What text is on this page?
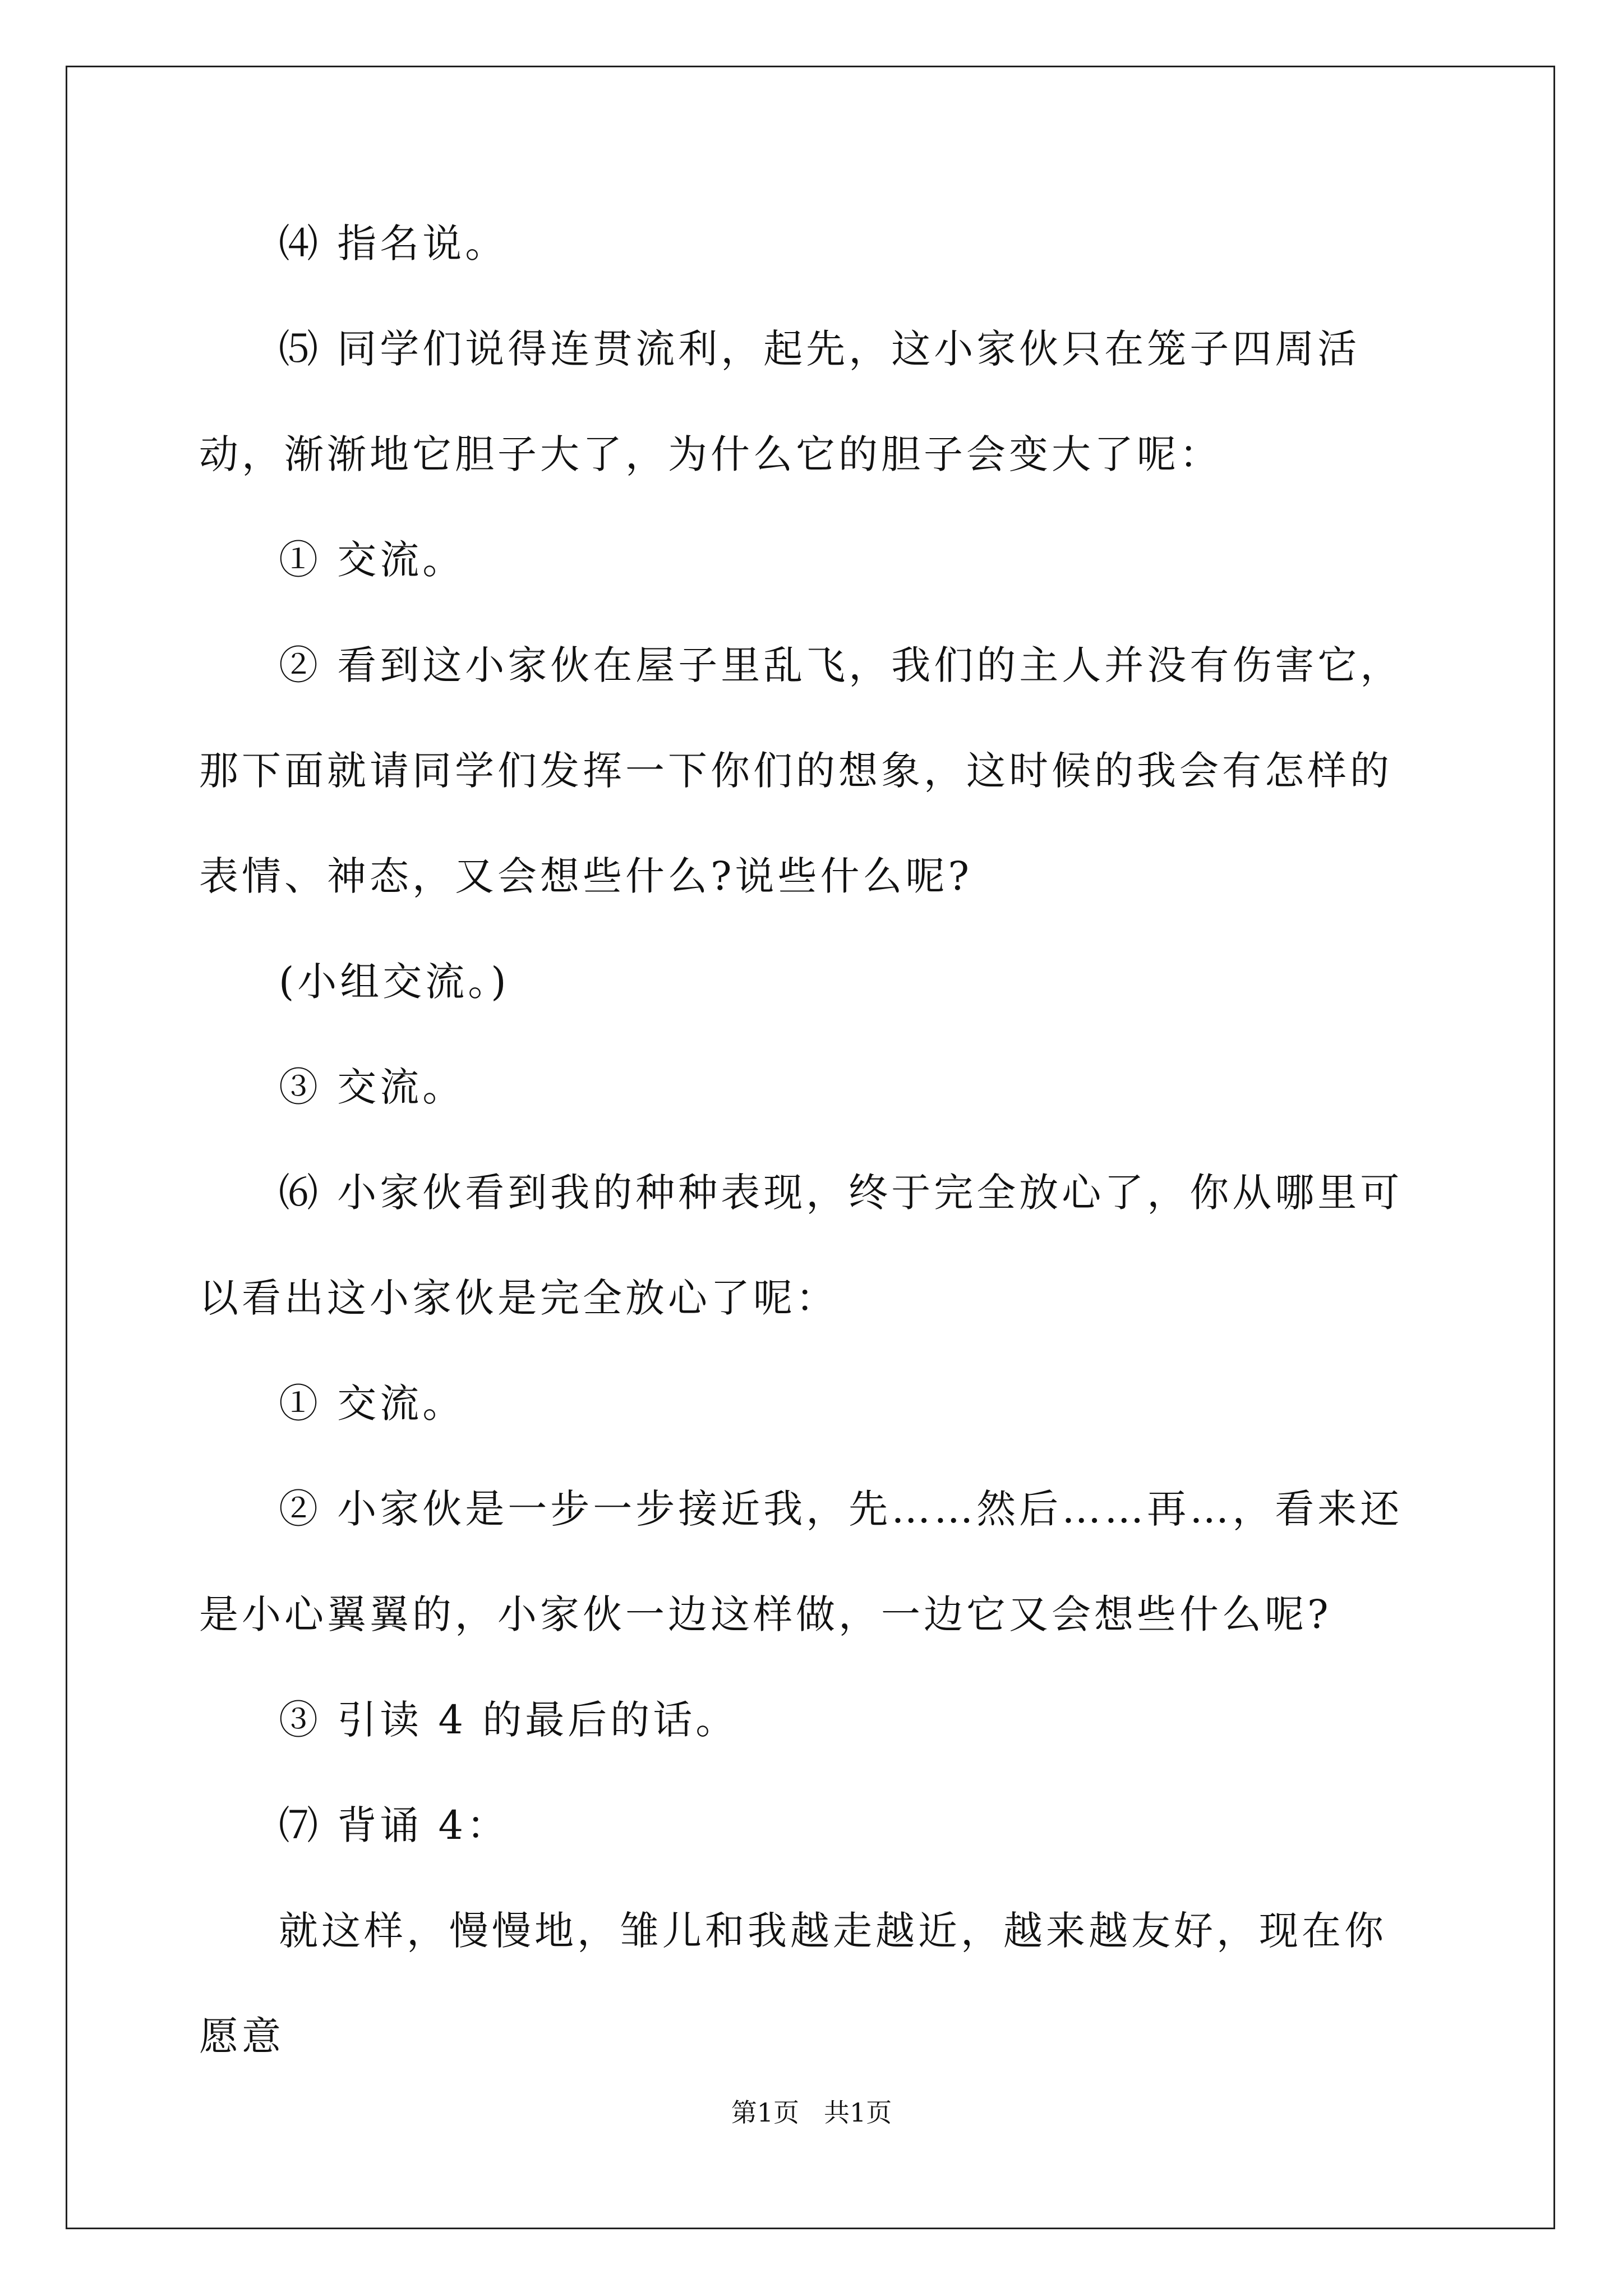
⑷ 指名说。

⑸ 同学们说得连贯流利，起先，这小家伙只在笼子四周活动，渐渐地它胆子大了，为什么它的胆子会变大了呢：

① 交流。

② 看到这小家伙在屋子里乱飞，我们的主人并没有伤害它，那下面就请同学们发挥一下你们的想象，这时候的我会有怎样的表情、神态，又会想些什么?说些什么呢?

(小组交流。)

③ 交流。

⑹ 小家伙看到我的种种表现，终于完全放心了，你从哪里可以看出这小家伙是完全放心了呢：

① 交流。

② 小家伙是一步一步接近我，先……然后……再…，看来还是小心翼翼的，小家伙一边这样做，一边它又会想些什么呢?

③ 引读 4 的最后的话。

⑺ 背诵 4：

就这样，慢慢地，雏儿和我越走越近，越来越友好，现在你愿意

第1页 共1页
